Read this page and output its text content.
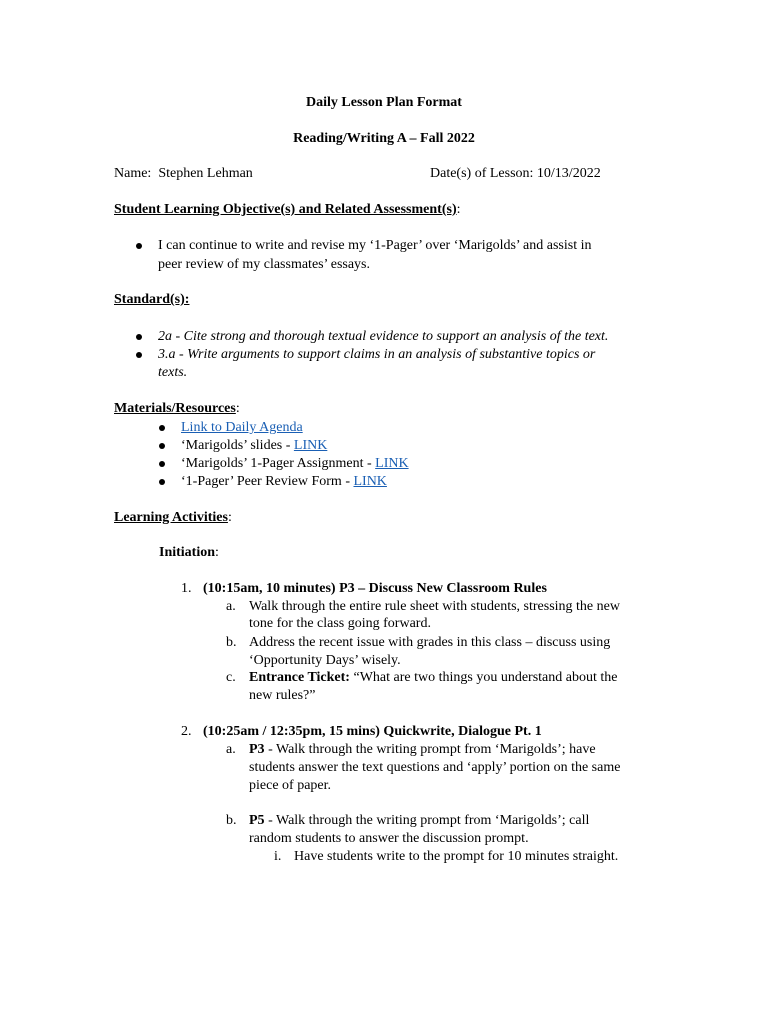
Daily Lesson Plan Format
Reading/Writing A – Fall 2022
Name: Stephen Lehman	Date(s) of Lesson: 10/13/2022
Student Learning Objective(s) and Related Assessment(s):
I can continue to write and revise my ‘1-Pager’ over ‘Marigolds’ and assist in
peer review of my classmates’ essays.
Standard(s):
2a - Cite strong and thorough textual evidence to support an analysis of the text.
3.a - Write arguments to support claims in an analysis of substantive topics or
texts.
Materials/Resources:
Link to Daily Agenda
‘Marigolds’ slides - LINK
‘Marigolds’ 1-Pager Assignment - LINK
‘1-Pager’ Peer Review Form - LINK
Learning Activities:
Initiation:
1. (10:15am, 10 minutes) P3 – Discuss New Classroom Rules
a. Walk through the entire rule sheet with students, stressing the new
tone for the class going forward.
b. Address the recent issue with grades in this class – discuss using
‘Opportunity Days’ wisely.
c. Entrance Ticket: “What are two things you understand about the
new rules?”
2. (10:25am / 12:35pm, 15 mins) Quickwrite, Dialogue Pt. 1
a. P3 - Walk through the writing prompt from ‘Marigolds’; have
students answer the text questions and ‘apply’ portion on the same
piece of paper.
b. P5 - Walk through the writing prompt from ‘Marigolds’; call
random students to answer the discussion prompt.
i. Have students write to the prompt for 10 minutes straight.
